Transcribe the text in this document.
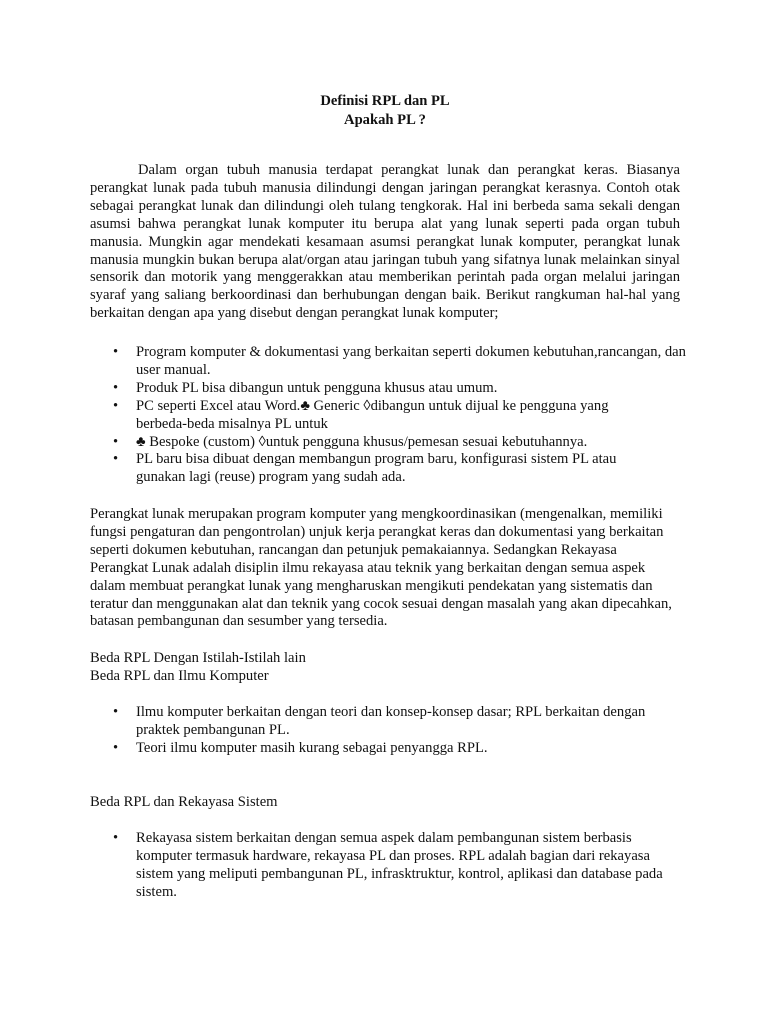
Definisi RPL dan PL
Apakah PL ?

Dalam organ tubuh manusia terdapat perangkat lunak dan perangkat keras. Biasanya perangkat lunak pada tubuh manusia dilindungi dengan jaringan perangkat kerasnya. Contoh otak sebagai perangkat lunak dan dilindungi oleh tulang tengkorak. Hal ini berbeda sama sekali dengan asumsi bahwa perangkat lunak komputer itu berupa alat yang lunak seperti pada organ tubuh manusia. Mungkin agar mendekati kesamaan asumsi perangkat lunak komputer, perangkat lunak manusia mungkin bukan berupa alat/organ atau jaringan tubuh yang sifatnya lunak melainkan sinyal sensorik dan motorik yang menggerakkan atau memberikan perintah pada organ melalui jaringan syaraf yang saliang berkoordinasi dan berhubungan dengan baik. Berikut rangkuman hal-hal yang berkaitan dengan apa yang disebut dengan perangkat lunak komputer;

• Program komputer & dokumentasi yang berkaitan seperti dokumen kebutuhan,rancangan, dan user manual.
• Produk PL bisa dibangun untuk pengguna khusus atau umum.
• PC seperti Excel atau Word.♣ Generic ◊dibangun untuk dijual ke pengguna yang berbeda-beda misalnya PL untuk
• ♣ Bespoke (custom) ◊untuk pengguna khusus/pemesan sesuai kebutuhannya.
• PL baru bisa dibuat dengan membangun program baru, konfigurasi sistem PL atau gunakan lagi (reuse) program yang sudah ada.

Perangkat lunak merupakan program komputer yang mengkoordinasikan (mengenalkan, memiliki fungsi pengaturan dan pengontrolan) unjuk kerja perangkat keras dan dokumentasi yang berkaitan seperti dokumen kebutuhan, rancangan dan petunjuk pemakaiannya. Sedangkan Rekayasa Perangkat Lunak adalah disiplin ilmu rekayasa atau teknik yang berkaitan dengan semua aspek dalam membuat perangkat lunak yang mengharuskan mengikuti pendekatan yang sistematis dan teratur dan menggunakan alat dan teknik yang cocok sesuai dengan masalah yang akan dipecahkan, batasan pembangunan dan sesumber yang tersedia.

Beda RPL Dengan Istilah-Istilah lain

Beda RPL dan Ilmu Komputer

• Ilmu komputer berkaitan dengan teori dan konsep-konsep dasar; RPL berkaitan dengan praktek pembangunan PL.
• Teori ilmu komputer masih kurang sebagai penyangga RPL.

Beda RPL dan Rekayasa Sistem

• Rekayasa sistem berkaitan dengan semua aspek dalam pembangunan sistem berbasis komputer termasuk hardware, rekayasa PL dan proses. RPL adalah bagian dari rekayasa sistem yang meliputi pembangunan PL, infrasktruktur, kontrol, aplikasi dan database pada sistem.
